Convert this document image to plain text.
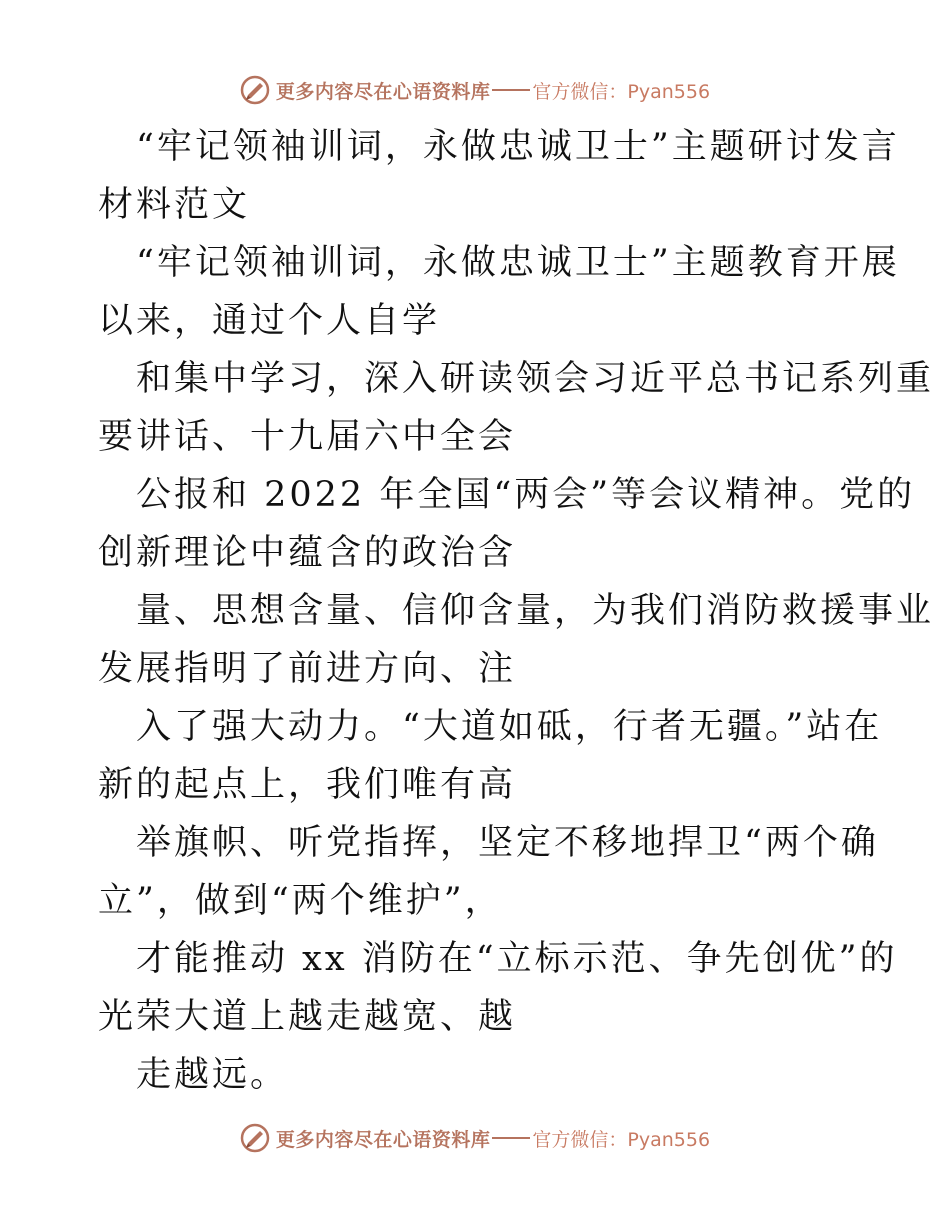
更多内容尽在心语资料库 官方微信：Pyan556
“牢记领袖训词，永做忠诚卫士”主题研讨发言
材料范文
“牢记领袖训词，永做忠诚卫士”主题教育开展
以来，通过个人自学
和集中学习，深入研读领会习近平总书记系列重
要讲话、十九届六中全会
公报和 2022 年全国“两会”等会议精神。党的
创新理论中蕴含的政治含
量、思想含量、信仰含量，为我们消防救援事业
发展指明了前进方向、注
入了强大动力。“大道如砥，行者无疆。”站在
新的起点上，我们唯有高
举旗帜、听党指挥，坚定不移地捍卫“两个确
立”，做到“两个维护”，
才能推动 xx 消防在“立标示范、争先创优”的
光荣大道上越走越宽、越
走越远。
更多内容尽在心语资料库 官方微信：Pyan556
